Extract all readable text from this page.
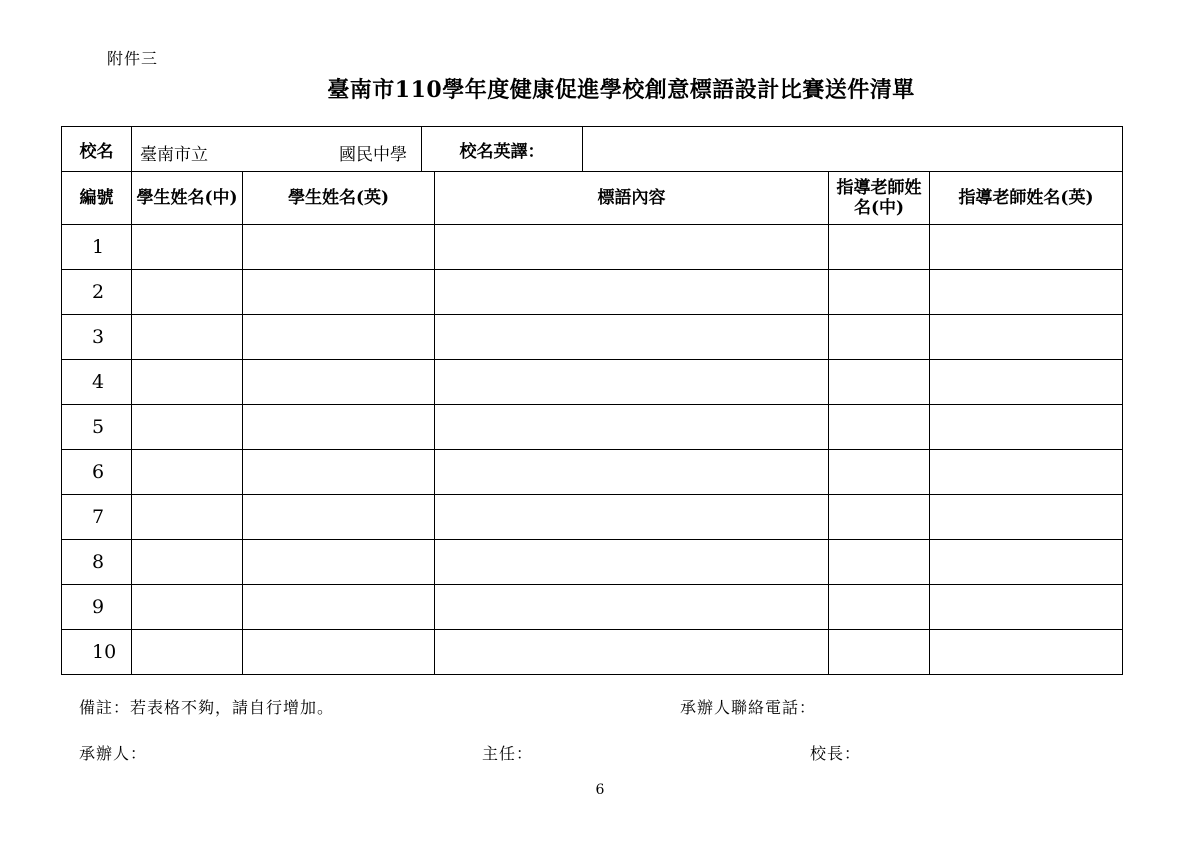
附件三
臺南市110學年度健康促進學校創意標語設計比賽送件清單
校名	臺南市立	國民中學	校名英譯：	

編號	學生姓名(中)	學生姓名(英)	標語內容	指導老師姓名(中)	指導老師姓名(英)
1					
2					
3					
4					
5					
6					
7					
8					
9					
10					
備註：若表格不夠，請自行增加。	承辦人聯絡電話：
承辦人：	主任：	校長：
6
